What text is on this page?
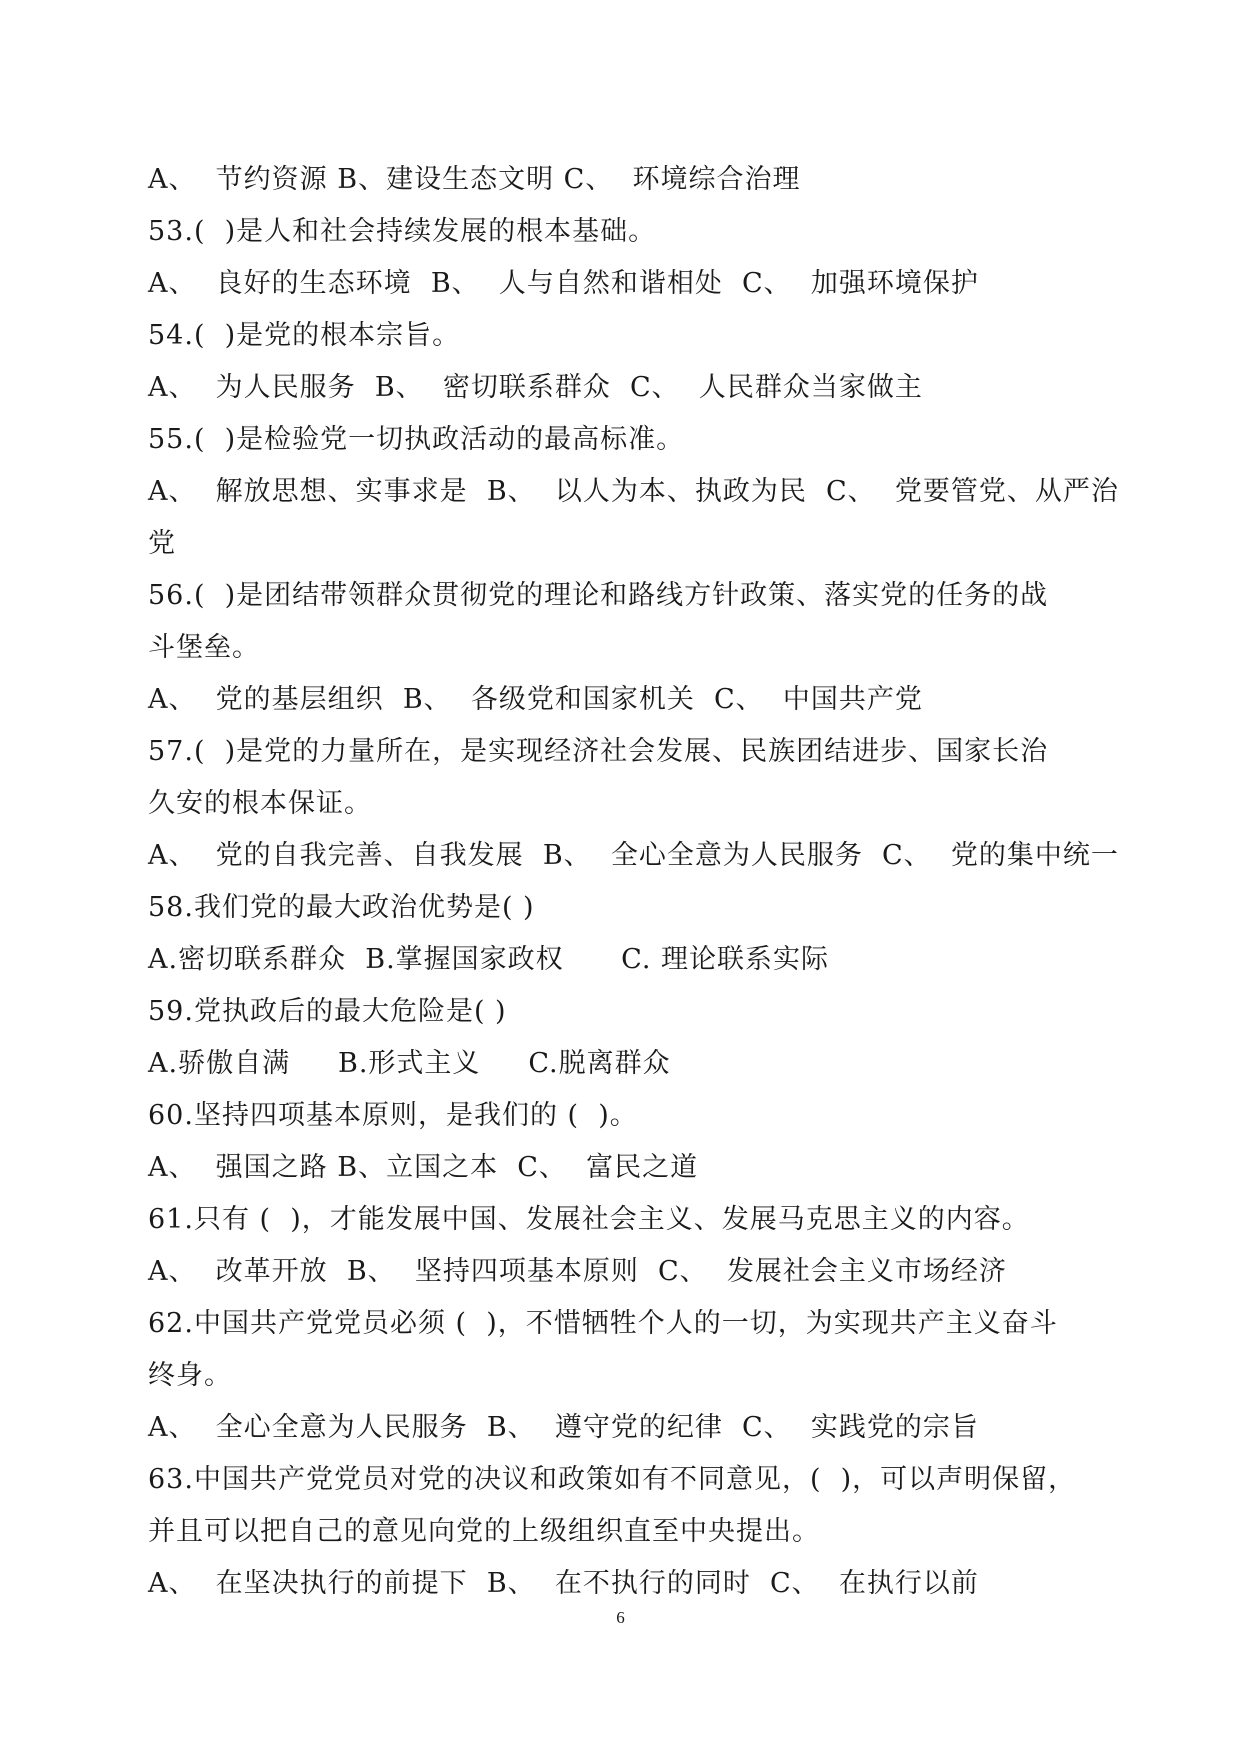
A、  节约资源 B、建设生态文明 C、  环境综合治理
53.(  )是人和社会持续发展的根本基础。
A、  良好的生态环境  B、  人与自然和谐相处  C、  加强环境保护
54.(  )是党的根本宗旨。
A、  为人民服务  B、  密切联系群众  C、  人民群众当家做主
55.(  )是检验党一切执政活动的最高标准。
A、  解放思想、实事求是  B、  以人为本、执政为民  C、  党要管党、从严治
党
56.(  )是团结带领群众贯彻党的理论和路线方针政策、落实党的任务的战
斗堡垒。
A、  党的基层组织  B、  各级党和国家机关  C、  中国共产党
57.(  )是党的力量所在，是实现经济社会发展、民族团结进步、国家长治
久安的根本保证。
A、  党的自我完善、自我发展  B、  全心全意为人民服务  C、  党的集中统一
58.我们党的最大政治优势是( )
A.密切联系群众  B.掌握国家政权      C. 理论联系实际
59.党执政后的最大危险是( )
A.骄傲自满     B.形式主义     C.脱离群众
60.坚持四项基本原则，是我们的 (  )。
A、  强国之路 B、立国之本  C、  富民之道
61.只有 (  )，才能发展中国、发展社会主义、发展马克思主义的内容。
A、  改革开放  B、  坚持四项基本原则  C、  发展社会主义市场经济
62.中国共产党党员必须 (  )，不惜牺牲个人的一切，为实现共产主义奋斗
终身。
A、  全心全意为人民服务  B、  遵守党的纪律  C、  实践党的宗旨
63.中国共产党党员对党的决议和政策如有不同意见，(  )，可以声明保留，
并且可以把自己的意见向党的上级组织直至中央提出。
A、  在坚决执行的前提下  B、  在不执行的同时  C、  在执行以前
6
